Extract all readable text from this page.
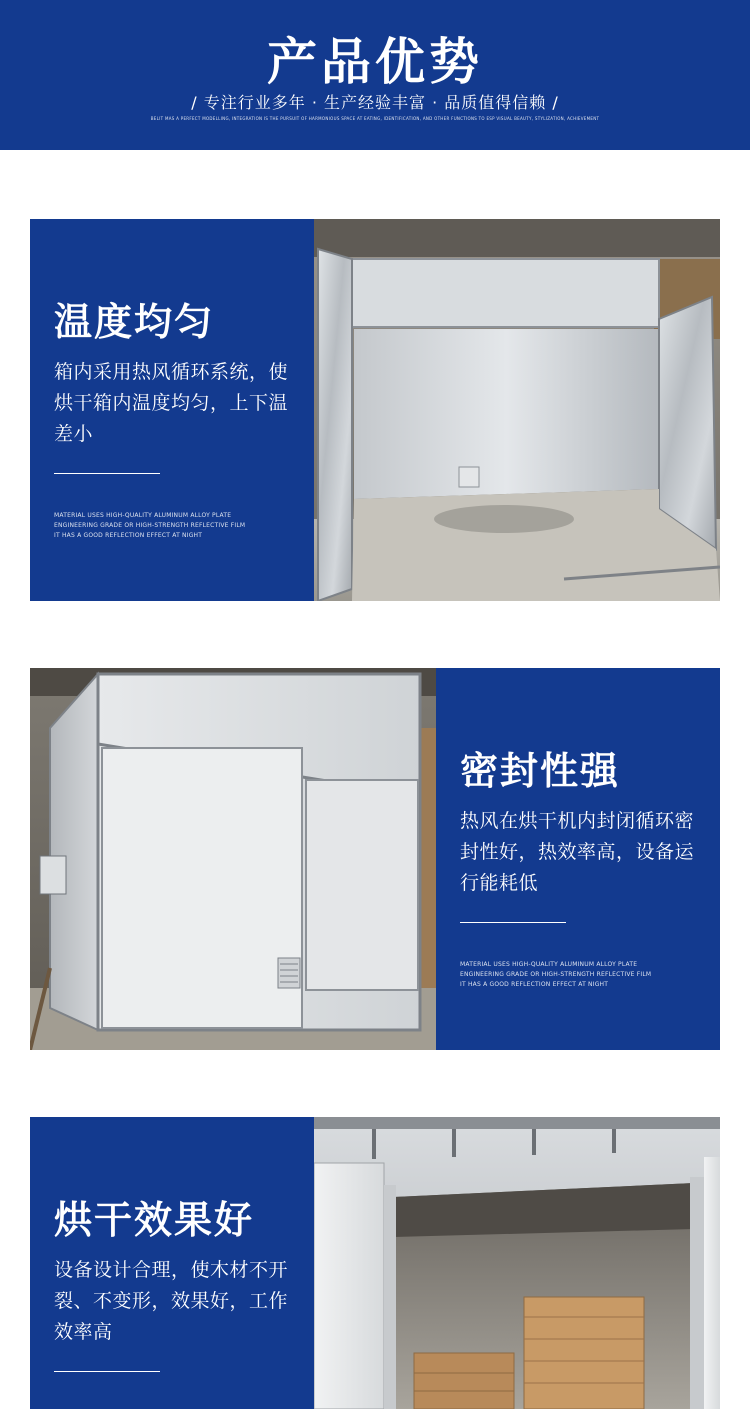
产品优势
/ 专注行业多年 · 生产经验丰富 · 品质值得信赖 /
BELIT MAS A PERFECT MODELLING, INTEGRATION IS THE PURSUIT OF HARMONIOUS SPACE AT EATING, IDENTIFICATION, AND OTHER FUNCTIONS TO ESP VISUAL BEAUTY, STYLIZATION, ACHIEVEMENT
温度均匀
箱内采用热风循环系统，使烘干箱内温度均匀，上下温差小
MATERIAL USES HIGH-QUALITY ALUMINUM ALLOY PLATE
ENGINEERING GRADE OR HIGH-STRENGTH REFLECTIVE FILM
IT HAS A GOOD REFLECTION EFFECT AT NIGHT
密封性强
热风在烘干机内封闭循环密封性好，热效率高，设备运行能耗低
MATERIAL USES HIGH-QUALITY ALUMINUM ALLOY PLATE
ENGINEERING GRADE OR HIGH-STRENGTH REFLECTIVE FILM
IT HAS A GOOD REFLECTION EFFECT AT NIGHT
烘干效果好
设备设计合理，使木材不开裂、不变形，效果好，工作效率高
